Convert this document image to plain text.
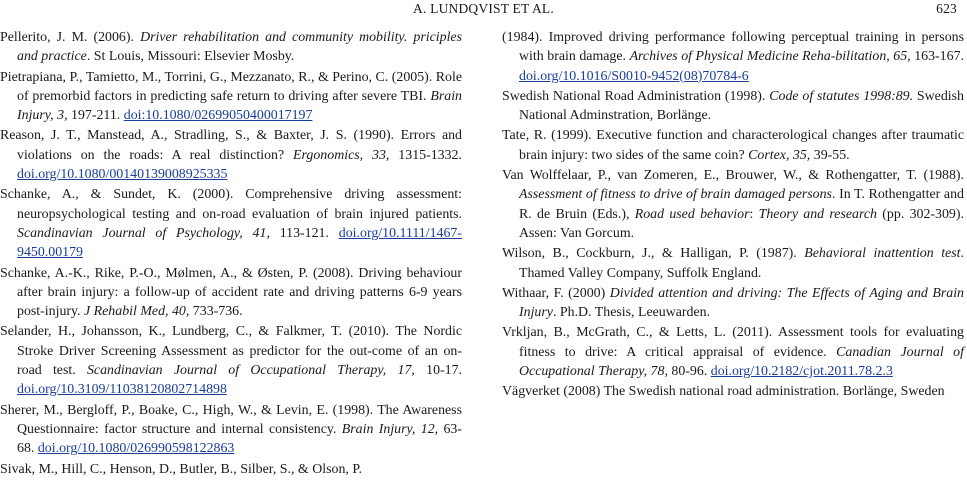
A. LUNDQVIST ET AL.	623

Pellerito, J. M. (2006). Driver rehabilitation and community mobility. priciples and practice. St Louis, Missouri: Elsevier Mosby.

Pietrapiana, P., Tamietto, M., Torrini, G., Mezzanato, R., & Perino, C. (2005). Role of premorbid factors in predicting safe return to driving after severe TBI. Brain Injury, 3, 197-211. doi:10.1080/02699050400017197

Reason, J. T., Manstead, A., Stradling, S., & Baxter, J. S. (1990). Errors and violations on the roads: A real distinction? Ergonomics, 33, 1315-1332. doi.org/10.1080/00140139008925335

Schanke, A., & Sundet, K. (2000). Comprehensive driving assessment: neuropsychological testing and on-road evaluation of brain injured patients. Scandinavian Journal of Psychology, 41, 113-121. doi.org/10.1111/1467-9450.00179

Schanke, A.-K., Rike, P.-O., Mølmen, A., & Østen, P. (2008). Driving behaviour after brain injury: a follow-up of accident rate and driving patterns 6-9 years post-injury. J Rehabil Med, 40, 733-736.

Selander, H., Johansson, K., Lundberg, C., & Falkmer, T. (2010). The Nordic Stroke Driver Screening Assessment as predictor for the out-come of an on-road test. Scandinavian Journal of Occupational Therapy, 17, 10-17. doi.org/10.3109/11038120802714898

Sherer, M., Bergloff, P., Boake, C., High, W., & Levin, E. (1998). The Awareness Questionnaire: factor structure and internal consistency. Brain Injury, 12, 63-68. doi.org/10.1080/026990598122863

Sivak, M., Hill, C., Henson, D., Butler, B., Silber, S., & Olson, P.

(1984). Improved driving performance following perceptual training in persons with brain damage. Archives of Physical Medicine Reha-bilitation, 65, 163-167. doi.org/10.1016/S0010-9452(08)70784-6

Swedish National Road Administration (1998). Code of statutes 1998:89. Swedish National Adminstration, Borlänge.

Tate, R. (1999). Executive function and characterological changes after traumatic brain injury: two sides of the same coin? Cortex, 35, 39-55.

Van Wolffelaar, P., van Zomeren, E., Brouwer, W., & Rothengatter, T. (1988). Assessment of fitness to drive of brain damaged persons. In T. Rothengatter and R. de Bruin (Eds.), Road used behavior: Theory and research (pp. 302-309). Assen: Van Gorcum.

Wilson, B., Cockburn, J., & Halligan, P. (1987). Behavioral inattention test. Thamed Valley Company, Suffolk England.

Withaar, F. (2000) Divided attention and driving: The Effects of Aging and Brain Injury. Ph.D. Thesis, Leeuwarden.

Vrkljan, B., McGrath, C., & Letts, L. (2011). Assessment tools for evaluating fitness to drive: A critical appraisal of evidence. Canadian Journal of Occupational Therapy, 78, 80-96. doi.org/10.2182/cjot.2011.78.2.3

Vägverket (2008) The Swedish national road administration. Borlänge, Sweden
